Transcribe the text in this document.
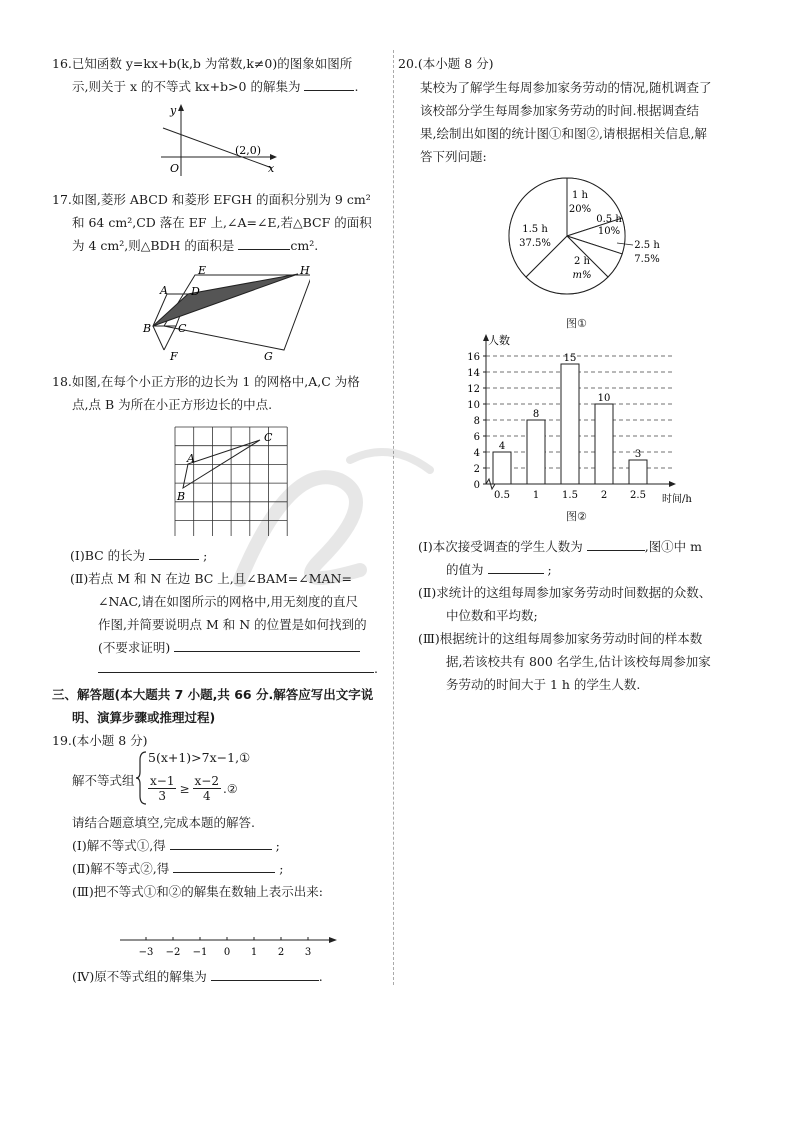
16.已知函数 y=kx+b(k,b 为常数,k≠0)的图象如图所
示,则关于 x 的不等式 kx+b>0 的解集为	.
y
x
O
(2,0)
17.如图,菱形 ABCD 和菱形 EFGH 的面积分别为 9 cm²
和 64 cm²,CD 落在 EF 上,∠A=∠E,若△BCF 的面积
为 4 cm²,则△BDH 的面积是	cm².
A
B C
D
E
F	G
H
18.如图,在每个小正方形的边长为 1 的网格中,A,C 为格
点,点 B 为所在小正方形边长的中点.
A
B
C
(Ⅰ)BC 的长为	;
(Ⅱ)若点 M 和 N 在边 BC 上,且∠BAM=∠MAN=
∠NAC,请在如图所示的网格中,用无刻度的直尺
作图,并简要说明点 M 和 N 的位置是如何找到的
(不要求证明)
.
三、解答题(本大题共 7 小题,共 66 分.解答应写出文字说
明、演算步骤或推理过程)
19.(本小题 8 分)
解不等式组
5(x+1)>7x−1,①
$\frac{x-1}{3} \ge \frac{x-2}{4}$ .②
请结合题意填空,完成本题的解答.
(Ⅰ)解不等式①,得	;
(Ⅱ)解不等式②,得	;
(Ⅲ)把不等式①和②的解集在数轴上表示出来:
−3 −2 −1 0 1 2 3
(Ⅳ)原不等式组的解集为	.
20.(本小题 8 分)
某校为了解学生每周参加家务劳动的情况,随机调查了
该校部分学生每周参加家务劳动的时间.根据调查结
果,绘制出如图的统计图①和图②,请根据相关信息,解
答下列问题:
1 h
20%
0.5 h
10%
2.5 h
7.5%
2 h
m%
1.5 h
37.5%
图①
0
2
4
6
8
10
12
14
16
人数
时间/h
4
0.5
8
1
15
1.5
10
2
3
2.5
图②
(Ⅰ)本次接受调查的学生人数为	,图①中 m
的值为	;
(Ⅱ)求统计的这组每周参加家务劳动时间数据的众数、
中位数和平均数;
(Ⅲ)根据统计的这组每周参加家务劳动时间的样本数
据,若该校共有 800 名学生,估计该校每周参加家
务劳动的时间大于 1 h 的学生人数.
